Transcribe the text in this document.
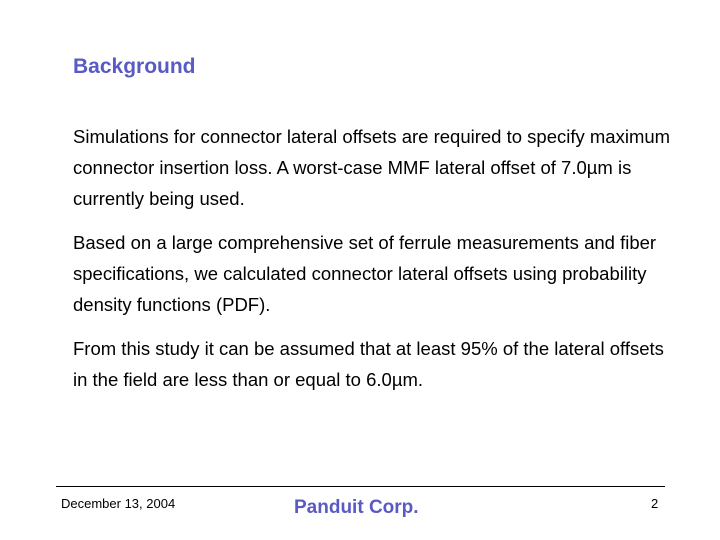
Background

Simulations for connector lateral offsets are required to specify maximum connector insertion loss. A worst-case MMF lateral offset of 7.0µm is currently being used.

Based on a large comprehensive set of ferrule measurements and fiber specifications, we calculated connector lateral offsets using probability density functions (PDF).

From this study it can be assumed that at least 95% of the lateral offsets in the field are less than or equal to 6.0µm.

December 13, 2004	Panduit Corp.	2
